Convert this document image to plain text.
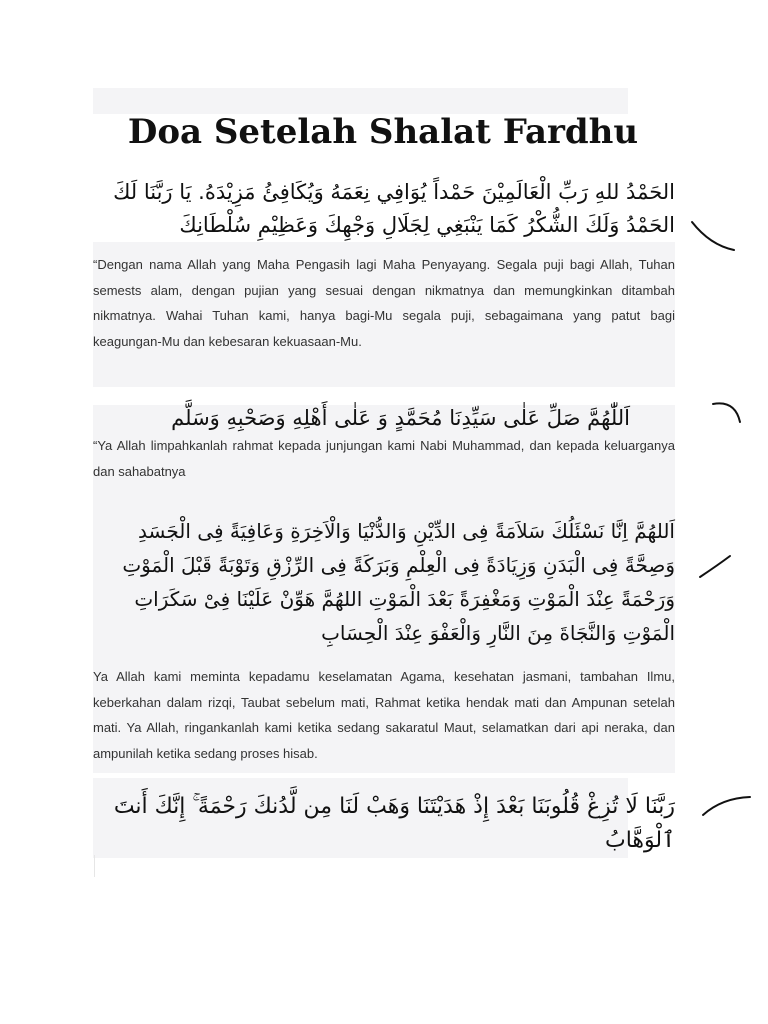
Doa Setelah Shalat Fardhu

الحَمْدُ للهِ رَبِّ الْعَالَمِيْنَ حَمْداً يُوَافِي نِعَمَهُ وَيُكَافِئُ مَزِيْدَهُ. يَا رَبَّنَا لَكَ الحَمْدُ وَلَكَ الشُّكْرُ كَمَا يَنْبَغِي لِجَلَالِ وَجْهِكَ وَعَظِيْمِ سُلْطَانِكَ

“Dengan nama Allah yang Maha Pengasih lagi Maha Penyayang. Segala puji bagi Allah, Tuhan semests alam, dengan pujian yang sesuai dengan nikmatnya dan memungkinkan ditambah nikmatnya. Wahai Tuhan kami, hanya bagi-Mu segala puji, sebagaimana yang patut bagi keagungan-Mu dan kebesaran kekuasaan-Mu.

اَللّٰهُمَّ صَلِّ عَلٰى سَيِّدِنَا مُحَمَّدٍ وَ عَلٰى أَهْلِهِ وَصَحْبِهِ وَسَلَّم

“Ya Allah limpahkanlah rahmat kepada junjungan kami Nabi Muhammad, dan kepada keluarganya dan sahabatnya

اَللهُمَّ اِنَّا نَسْئَلُكَ سَلاَمَةً فِى الدِّيْنِ وَالدُّنْيَا وَالْاَخِرَةِ وَعَافِيَةً فِى الْجَسَدِ وَصِحَّةً فِى الْبَدَنِ وَزِيَادَةً فِى الْعِلْمِ وَبَرَكَةً فِى الرِّزْقِ وَتَوْبَةً قَبْلَ الْمَوْتِ وَرَحْمَةً عِنْدَ الْمَوْتِ وَمَغْفِرَةً بَعْدَ الْمَوْتِ اللهُمَّ هَوِّنْ عَلَيْنَا فِىْ سَكَرَاتِ الْمَوْتِ وَالنَّجَاةَ مِنَ النَّارِ وَالْعَفْوَ عِنْدَ الْحِسَابِ

Ya Allah kami meminta kepadamu keselamatan Agama, kesehatan jasmani, tambahan Ilmu, keberkahan dalam rizqi, Taubat sebelum mati, Rahmat ketika hendak mati dan Ampunan setelah mati. Ya Allah, ringankanlah kami ketika sedang sakaratul Maut, selamatkan dari api neraka, dan ampunilah ketika sedang proses hisab.

رَبَّنَا لَا تُزِغْ قُلُوبَنَا بَعْدَ إِذْ هَدَيْتَنَا وَهَبْ لَنَا مِن لَّدُنكَ رَحْمَةً ۚ إِنَّكَ أَنتَ ٱلْوَهَّابُ
